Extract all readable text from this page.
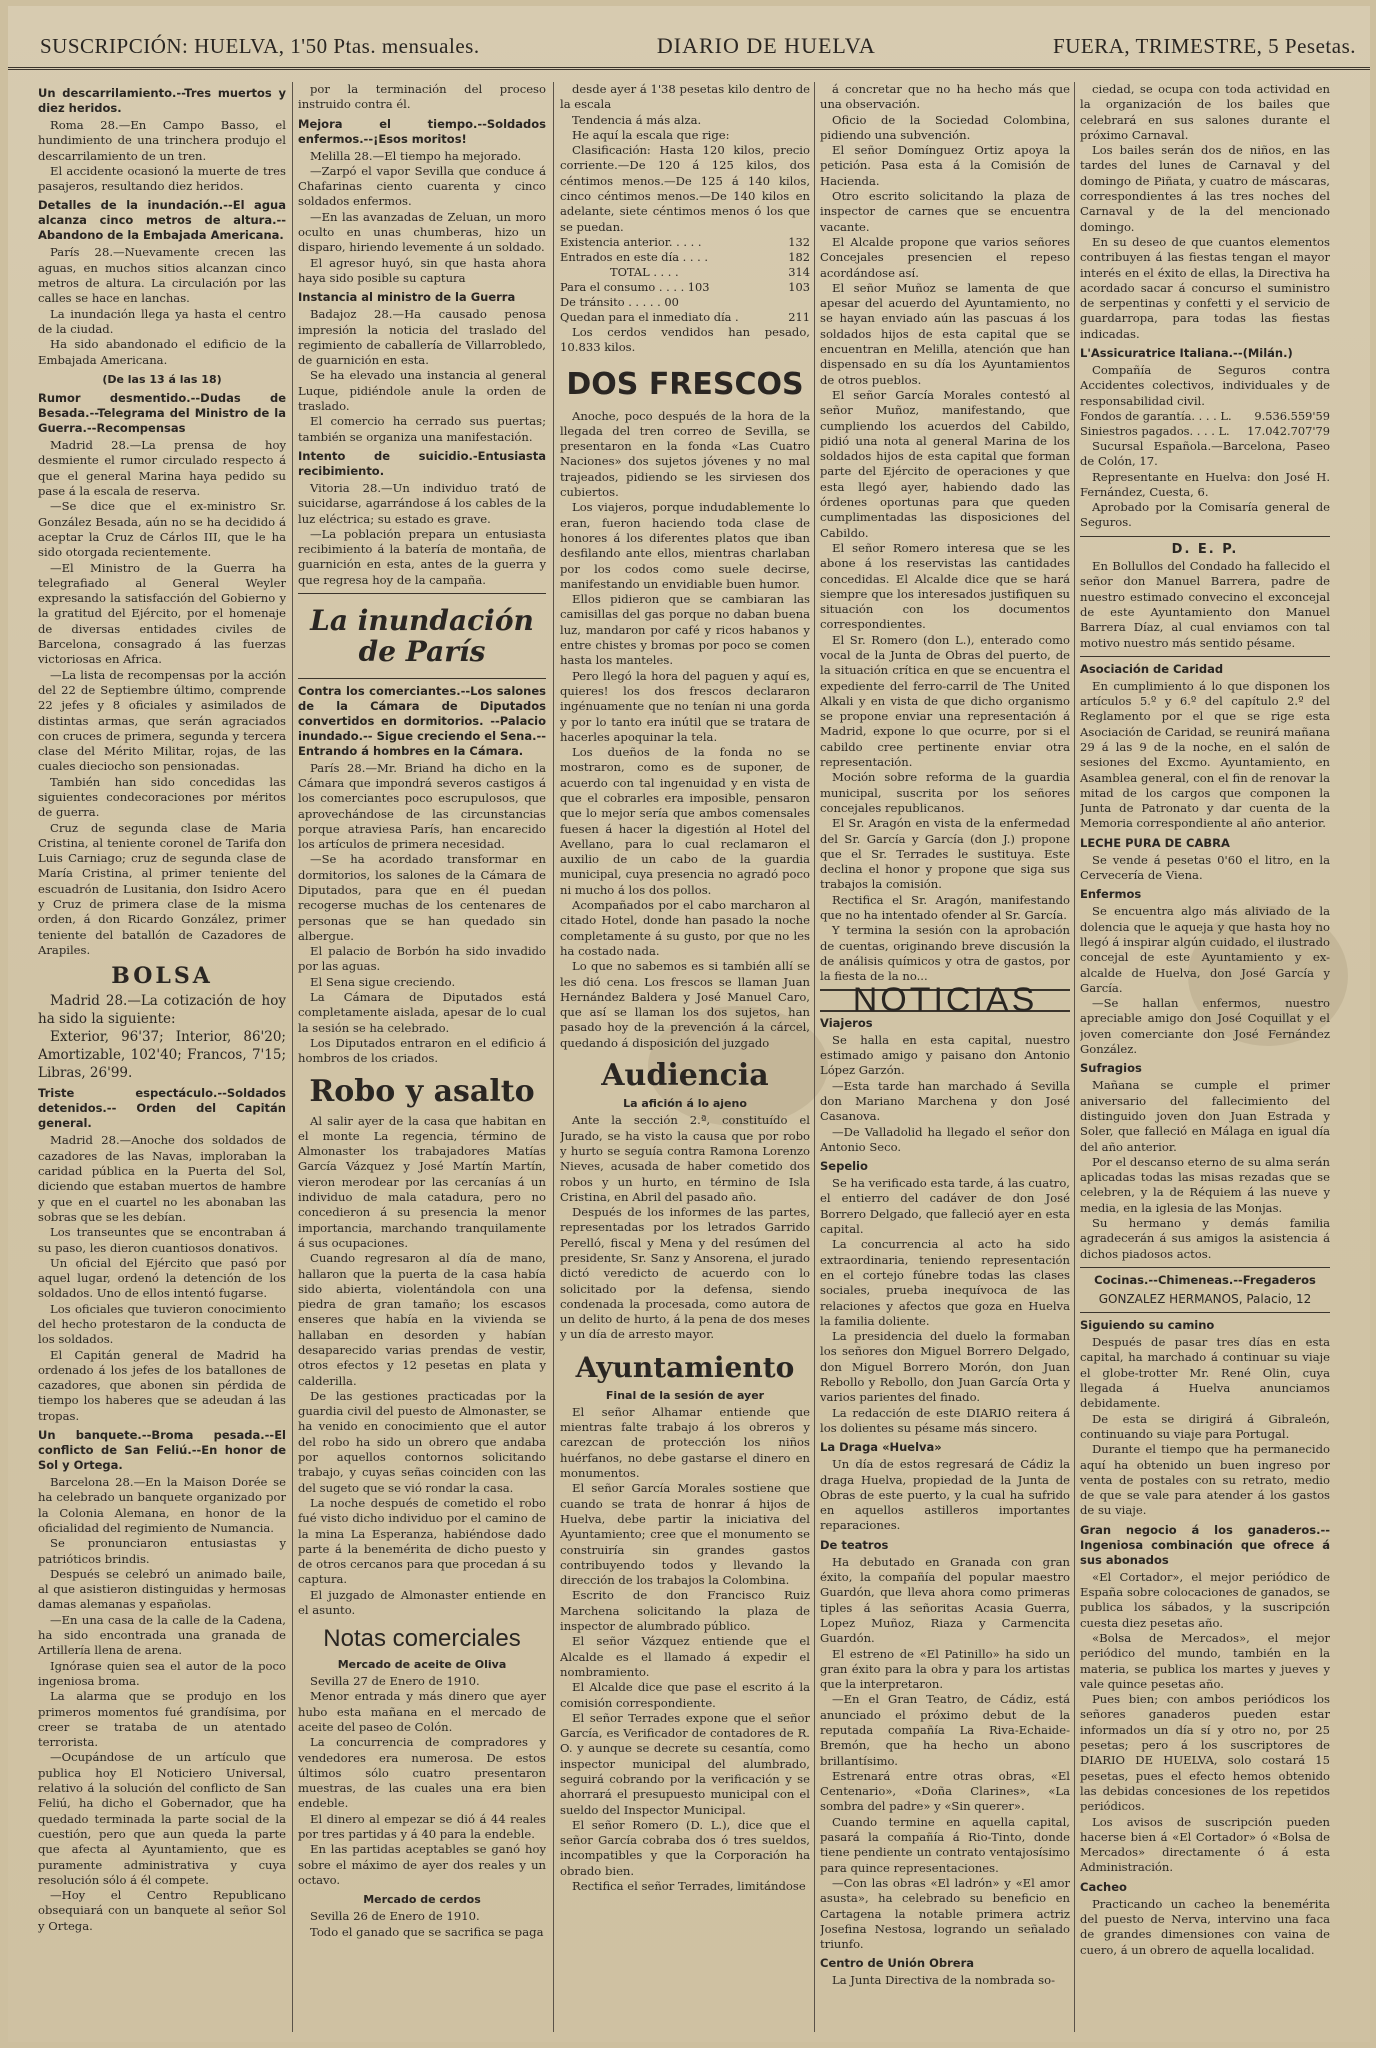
SUSCRIPCIÓN: HUELVA, 1'50 Ptas. mensuales.	DIARIO DE HUELVA	FUERA, TRIMESTRE, 5 Pesetas.
Un descarrilamiento.--Tres muertos y diez heridos.

Roma 28.—En Campo Basso, el hundimiento de una trinchera produjo el descarrilamiento de un tren.

El accidente ocasionó la muerte de tres pasajeros, resultando diez heridos.

Detalles de la inundación.--El agua alcanza cinco metros de altura.-- Abandono de la Embajada Americana.

París 28.—Nuevamente crecen las aguas, en muchos sitios alcanzan cinco metros de altura. La circulación por las calles se hace en lanchas.

La inundación llega ya hasta el centro de la ciudad.

Ha sido abandonado el edificio de la Embajada Americana.

(De las 13 á las 18)
Rumor desmentido.--Dudas de Besada.--Telegrama del Ministro de la Guerra.--Recompensas

Madrid 28.—La prensa de hoy desmiente el rumor circulado respecto á que el general Marina haya pedido su pase á la escala de reserva.

—Se dice que el ex-ministro Sr. González Besada, aún no se ha decidido á aceptar la Cruz de Cárlos III, que le ha sido otorgada recientemente.

—El Ministro de la Guerra ha telegrafiado al General Weyler expresando la satisfacción del Gobierno y la gratitud del Ejército, por el homenaje de diversas entidades civiles de Barcelona, consagrado á las fuerzas victoriosas en Africa.

—La lista de recompensas por la acción del 22 de Septiembre último, comprende 22 jefes y 8 oficiales y asimilados de distintas armas, que serán agraciados con cruces de primera, segunda y tercera clase del Mérito Militar, rojas, de las cuales dieciocho son pensionadas.

También han sido concedidas las siguientes condecoraciones por méritos de guerra.

Cruz de segunda clase de Maria Cristina, al teniente coronel de Tarifa don Luis Carniago; cruz de segunda clase de María Cristina, al primer teniente del escuadrón de Lusitania, don Isidro Acero y Cruz de primera clase de la misma orden, á don Ricardo González, primer teniente del batallón de Cazadores de Arapiles.

BOLSA

Madrid 28.—La cotización de hoy ha sido la siguiente:

Exterior, 96'37; Interior, 86'20; Amortizable, 102'40; Francos, 7'15; Libras, 26'99.

Triste espectáculo.--Soldados detenidos.-- Orden del Capitán general.

Madrid 28.—Anoche dos soldados de cazadores de las Navas, imploraban la caridad pública en la Puerta del Sol, diciendo que estaban muertos de hambre y que en el cuartel no les abonaban las sobras que se les debían.

Los transeuntes que se encontraban á su paso, les dieron cuantiosos donativos.

Un oficial del Ejército que pasó por aquel lugar, ordenó la detención de los soldados. Uno de ellos intentó fugarse.

Los oficiales que tuvieron conocimiento del hecho protestaron de la conducta de los soldados.

El Capitán general de Madrid ha ordenado á los jefes de los batallones de cazadores, que abonen sin pérdida de tiempo los haberes que se adeudan á las tropas.

Un banquete.--Broma pesada.--El conflicto de San Feliú.--En honor de Sol y Ortega.

Barcelona 28.—En la Maison Dorée se ha celebrado un banquete organizado por la Colonia Alemana, en honor de la oficialidad del regimiento de Numancia.

Se pronunciaron entusiastas y patrióticos brindis.

Después se celebró un animado baile, al que asistieron distinguidas y hermosas damas alemanas y españolas.

—En una casa de la calle de la Cadena, ha sido encontrada una granada de Artillería llena de arena.

Ignórase quien sea el autor de la poco ingeniosa broma.

La alarma que se produjo en los primeros momentos fué grandísima, por creer se trataba de un atentado terrorista.

—Ocupándose de un artículo que publica hoy El Noticiero Universal, relativo á la solución del conflicto de San Feliú, ha dicho el Gobernador, que ha quedado terminada la parte social de la cuestión, pero que aun queda la parte que afecta al Ayuntamiento, que es puramente administrativa y cuya resolución sólo á él compete.

—Hoy el Centro Republicano obsequiará con un banquete al señor Sol y Ortega.

por la terminación del proceso instruido contra él.

Mejora el tiempo.--Soldados enfermos.--¡Esos moritos!

Melilla 28.—El tiempo ha mejorado.

—Zarpó el vapor Sevilla que conduce á Chafarinas ciento cuarenta y cinco soldados enfermos.

—En las avanzadas de Zeluan, un moro oculto en unas chumberas, hizo un disparo, hiriendo levemente á un soldado.

El agresor huyó, sin que hasta ahora haya sido posible su captura

Instancia al ministro de la Guerra

Badajoz 28.—Ha causado penosa impresión la noticia del traslado del regimiento de caballería de Villarrobledo, de guarnición en esta.

Se ha elevado una instancia al general Luque, pidiéndole anule la orden de traslado.

El comercio ha cerrado sus puertas; también se organiza una manifestación.

Intento de suicidio.-Entusiasta recibimiento.

Vitoria 28.—Un individuo trató de suicidarse, agarrándose á los cables de la luz eléctrica; su estado es grave.

—La población prepara un entusiasta recibimiento á la batería de montaña, de guarnición en esta, antes de la guerra y que regresa hoy de la campaña.

La inundación de París
Contra los comerciantes.--Los salones de la Cámara de Diputados convertidos en dormitorios. --Palacio inundado.-- Sigue creciendo el Sena.--Entrando á hombres en la Cámara.

París 28.—Mr. Briand ha dicho en la Cámara que impondrá severos castigos á los comerciantes poco escrupulosos, que aprovechándose de las circunstancias porque atraviesa París, han encarecido los artículos de primera necesidad.

—Se ha acordado transformar en dormitorios, los salones de la Cámara de Diputados, para que en él puedan recogerse muchas de los centenares de personas que se han quedado sin albergue.

El palacio de Borbón ha sido invadido por las aguas.

El Sena sigue creciendo.

La Cámara de Diputados está completamente aislada, apesar de lo cual la sesión se ha celebrado.

Los Diputados entraron en el edificio á hombros de los criados.

Robo y asalto

Al salir ayer de la casa que habitan en el monte La regencia, término de Almonaster los trabajadores Matías García Vázquez y José Martín Martín, vieron merodear por las cercanías á un individuo de mala catadura, pero no concedieron á su presencia la menor importancia, marchando tranquilamente á sus ocupaciones.

Cuando regresaron al día de mano, hallaron que la puerta de la casa había sido abierta, violentándola con una piedra de gran tamaño; los escasos enseres que había en la vivienda se hallaban en desorden y habían desaparecido varias prendas de vestir, otros efectos y 12 pesetas en plata y calderilla.

De las gestiones practicadas por la guardia civil del puesto de Almonaster, se ha venido en conocimiento que el autor del robo ha sido un obrero que andaba por aquellos contornos solicitando trabajo, y cuyas señas coinciden con las del sugeto que se vió rondar la casa.

La noche después de cometido el robo fué visto dicho individuo por el camino de la mina La Esperanza, habiéndose dado parte á la benemérita de dicho puesto y de otros cercanos para que procedan á su captura.

El juzgado de Almonaster entiende en el asunto.

Notas comerciales
Mercado de aceite de Oliva

Sevilla 27 de Enero de 1910.

Menor entrada y más dinero que ayer hubo esta mañana en el mercado de aceite del paseo de Colón.

La concurrencia de compradores y vendedores era numerosa. De estos últimos sólo cuatro presentaron muestras, de las cuales una era bien endeble.

El dinero al empezar se dió á 44 reales por tres partidas y á 40 para la endeble.

En las partidas aceptables se ganó hoy sobre el máximo de ayer dos reales y un octavo.

Mercado de cerdos

Sevilla 26 de Enero de 1910.

Todo el ganado que se sacrifica se paga

desde ayer á 1'38 pesetas kilo dentro de la escala

Tendencia á más alza.

He aquí la escala que rige:

Clasificación: Hasta 120 kilos, precio corriente.—De 120 á 125 kilos, dos céntimos menos.—De 125 á 140 kilos, cinco céntimos menos.—De 140 kilos en adelante, siete céntimos menos ó los que se puedan.

Existencia anterior. . . . .	132
Entrados en este día . . . .	182
TOTAL . . . .	314
Para el consumo . . . . 103	103
De tránsito . . . . . 00
Quedan para el inmediato día .	211

Los cerdos vendidos han pesado, 10.833 kilos.

DOS FRESCOS

Anoche, poco después de la hora de la llegada del tren correo de Sevilla, se presentaron en la fonda «Las Cuatro Naciones» dos sujetos jóvenes y no mal trajeados, pidiendo se les sirviesen dos cubiertos.

Los viajeros, porque indudablemente lo eran, fueron haciendo toda clase de honores á los diferentes platos que iban desfilando ante ellos, mientras charlaban por los codos como suele decirse, manifestando un envidiable buen humor.

Ellos pidieron que se cambiaran las camisillas del gas porque no daban buena luz, mandaron por café y ricos habanos y entre chistes y bromas por poco se comen hasta los manteles.

Pero llegó la hora del paguen y aquí es, quieres! los dos frescos declararon ingénuamente que no tenían ni una gorda y por lo tanto era inútil que se tratara de hacerles apoquinar la tela.

Los dueños de la fonda no se mostraron, como es de suponer, de acuerdo con tal ingenuidad y en vista de que el cobrarles era imposible, pensaron que lo mejor sería que ambos comensales fuesen á hacer la digestión al Hotel del Avellano, para lo cual reclamaron el auxilio de un cabo de la guardia municipal, cuya presencia no agradó poco ni mucho á los dos pollos.

Acompañados por el cabo marcharon al citado Hotel, donde han pasado la noche completamente á su gusto, por que no les ha costado nada.

Lo que no sabemos es si también allí se les dió cena. Los frescos se llaman Juan Hernández Baldera y José Manuel Caro, que así se llaman los dos sujetos, han pasado hoy de la prevención á la cárcel, quedando á disposición del juzgado

Audiencia
La afición á lo ajeno

Ante la sección 2.ª, constituído el Jurado, se ha visto la causa que por robo y hurto se seguía contra Ramona Lorenzo Nieves, acusada de haber cometido dos robos y un hurto, en término de Isla Cristina, en Abril del pasado año.

Después de los informes de las partes, representadas por los letrados Garrido Perelló, fiscal y Mena y del resúmen del presidente, Sr. Sanz y Ansorena, el jurado dictó veredicto de acuerdo con lo solicitado por la defensa, siendo condenada la procesada, como autora de un delito de hurto, á la pena de dos meses y un día de arresto mayor.

Ayuntamiento
Final de la sesión de ayer

El señor Alhamar entiende que mientras falte trabajo á los obreros y carezcan de protección los niños huérfanos, no debe gastarse el dinero en monumentos.

El señor García Morales sostiene que cuando se trata de honrar á hijos de Huelva, debe partir la iniciativa del Ayuntamiento; cree que el monumento se construiría sin grandes gastos contribuyendo todos y llevando la dirección de los trabajos la Colombina.

Escrito de don Francisco Ruiz Marchena solicitando la plaza de inspector de alumbrado público.

El señor Vázquez entiende que el Alcalde es el llamado á expedir el nombramiento.

El Alcalde dice que pase el escrito á la comisión correspondiente.

El señor Terrades expone que el señor García, es Verificador de contadores de R. O. y aunque se decrete su cesantía, como inspector municipal del alumbrado, seguirá cobrando por la verificación y se ahorrará el presupuesto municipal con el sueldo del Inspector Municipal.

El señor Romero (D. L.), dice que el señor García cobraba dos ó tres sueldos, incompatibles y que la Corporación ha obrado bien.

Rectifica el señor Terrades, limitándose

á concretar que no ha hecho más que una observación.

Oficio de la Sociedad Colombina, pidiendo una subvención.

El señor Domínguez Ortiz apoya la petición. Pasa esta á la Comisión de Hacienda.

Otro escrito solicitando la plaza de inspector de carnes que se encuentra vacante.

El Alcalde propone que varios señores Concejales presencien el repeso acordándose así.

El señor Muñoz se lamenta de que apesar del acuerdo del Ayuntamiento, no se hayan enviado aún las pascuas á los soldados hijos de esta capital que se encuentran en Melilla, atención que han dispensado en su día los Ayuntamientos de otros pueblos.

El señor García Morales contestó al señor Muñoz, manifestando, que cumpliendo los acuerdos del Cabildo, pidió una nota al general Marina de los soldados hijos de esta capital que forman parte del Ejército de operaciones y que esta llegó ayer, habiendo dado las órdenes oportunas para que queden cumplimentadas las disposiciones del Cabildo.

El señor Romero interesa que se les abone á los reservistas las cantidades concedidas. El Alcalde dice que se hará siempre que los interesados justifiquen su situación con los documentos correspondientes.

El Sr. Romero (don L.), enterado como vocal de la Junta de Obras del puerto, de la situación crítica en que se encuentra el expediente del ferro-carril de The United Alkali y en vista de que dicho organismo se propone enviar una representación á Madrid, expone lo que ocurre, por si el cabildo cree pertinente enviar otra representación.

Moción sobre reforma de la guardia municipal, suscrita por los señores concejales republicanos.

El Sr. Aragón en vista de la enfermedad del Sr. García y García (don J.) propone que el Sr. Terrades le sustituya. Este declina el honor y propone que siga sus trabajos la comisión.

Rectifica el Sr. Aragón, manifestando que no ha intentado ofender al Sr. García.

Y termina la sesión con la aprobación de cuentas, originando breve discusión la de análisis químicos y otra de gastos, por la fiesta de la no...

NOTICIAS
Viajeros

Se halla en esta capital, nuestro estimado amigo y paisano don Antonio López Garzón.

—Esta tarde han marchado á Sevilla don Mariano Marchena y don José Casanova.

—De Valladolid ha llegado el señor don Antonio Seco.

Sepelio

Se ha verificado esta tarde, á las cuatro, el entierro del cadáver de don José Borrero Delgado, que falleció ayer en esta capital.

La concurrencia al acto ha sido extraordinaria, teniendo representación en el cortejo fúnebre todas las clases sociales, prueba inequívoca de las relaciones y afectos que goza en Huelva la familia doliente.

La presidencia del duelo la formaban los señores don Miguel Borrero Delgado, don Miguel Borrero Morón, don Juan Rebollo y Rebollo, don Juan García Orta y varios parientes del finado.

La redacción de este DIARIO reitera á los dolientes su pésame más sincero.

La Draga «Huelva»

Un día de estos regresará de Cádiz la draga Huelva, propiedad de la Junta de Obras de este puerto, y la cual ha sufrido en aquellos astilleros importantes reparaciones.

De teatros

Ha debutado en Granada con gran éxito, la compañía del popular maestro Guardón, que lleva ahora como primeras tiples á las señoritas Acasia Guerra, Lopez Muñoz, Riaza y Carmencita Guardón.

El estreno de «El Patinillo» ha sido un gran éxito para la obra y para los artistas que la interpretaron.

—En el Gran Teatro, de Cádiz, está anunciado el próximo debut de la reputada compañía La Riva-Echaide-Bremón, que ha hecho un abono brillantísimo.

Estrenará entre otras obras, «El Centenario», «Doña Clarines», «La sombra del padre» y «Sin querer».

Cuando termine en aquella capital, pasará la compañía á Rio-Tinto, donde tiene pendiente un contrato ventajosísimo para quince representaciones.

—Con las obras «El ladrón» y «El amor asusta», ha celebrado su beneficio en Cartagena la notable primera actriz Josefina Nestosa, logrando un señalado triunfo.

Centro de Unión Obrera

La Junta Directiva de la nombrada so-

ciedad, se ocupa con toda actividad en la organización de los bailes que celebrará en sus salones durante el próximo Carnaval.

Los bailes serán dos de niños, en las tardes del lunes de Carnaval y del domingo de Piñata, y cuatro de máscaras, correspondientes á las tres noches del Carnaval y de la del mencionado domingo.

En su deseo de que cuantos elementos contribuyen á las fiestas tengan el mayor interés en el éxito de ellas, la Directiva ha acordado sacar á concurso el suministro de serpentinas y confetti y el servicio de guardarropa, para todas las fiestas indicadas.

L'Assicuratrice Italiana.--(Milán.)

Compañía de Seguros contra Accidentes colectivos, individuales y de responsabilidad civil.

Fondos de garantía. . . . L. 9.536.559'59
Siniestros pagados. . . . L. 17.042.707'79

Sucursal Española.—Barcelona, Paseo de Colón, 17.

Representante en Huelva: don José H. Fernández, Cuesta, 6.

Aprobado por la Comisaría general de Seguros.

D. E. P.

En Bollullos del Condado ha fallecido el señor don Manuel Barrera, padre de nuestro estimado convecino el exconcejal de este Ayuntamiento don Manuel Barrera Díaz, al cual enviamos con tal motivo nuestro más sentido pésame.

Asociación de Caridad

En cumplimiento á lo que disponen los artículos 5.º y 6.º del capítulo 2.º del Reglamento por el que se rige esta Asociación de Caridad, se reunirá mañana 29 á las 9 de la noche, en el salón de sesiones del Excmo. Ayuntamiento, en Asamblea general, con el fin de renovar la mitad de los cargos que componen la Junta de Patronato y dar cuenta de la Memoria correspondiente al año anterior.

LECHE PURA DE CABRA

Se vende á pesetas 0'60 el litro, en la Cervecería de Viena.

Enfermos

Se encuentra algo más aliviado de la dolencia que le aqueja y que hasta hoy no llegó á inspirar algún cuidado, el ilustrado concejal de este Ayuntamiento y ex-alcalde de Huelva, don José García y García.

—Se hallan enfermos, nuestro apreciable amigo don José Coquillat y el joven comerciante don José Fernández González.

Sufragios

Mañana se cumple el primer aniversario del fallecimiento del distinguido joven don Juan Estrada y Soler, que falleció en Málaga en igual día del año anterior.

Por el descanso eterno de su alma serán aplicadas todas las misas rezadas que se celebren, y la de Réquiem á las nueve y media, en la iglesia de las Monjas.

Su hermano y demás familia agradecerán á sus amigos la asistencia á dichos piadosos actos.

Cocinas.--Chimeneas.--Fregaderos
GONZALEZ HERMANOS, Palacio, 12
Siguiendo su camino

Después de pasar tres días en esta capital, ha marchado á continuar su viaje el globe-trotter Mr. René Olin, cuya llegada á Huelva anunciamos debidamente.

De esta se dirigirá á Gibraleón, continuando su viaje para Portugal.

Durante el tiempo que ha permanecido aquí ha obtenido un buen ingreso por venta de postales con su retrato, medio de que se vale para atender á los gastos de su viaje.

Gran negocio á los ganaderos.--Ingeniosa combinación que ofrece á sus abonados

«El Cortador», el mejor periódico de España sobre colocaciones de ganados, se publica los sábados, y la suscripción cuesta diez pesetas año.

«Bolsa de Mercados», el mejor periódico del mundo, también en la materia, se publica los martes y jueves y vale quince pesetas año.

Pues bien; con ambos periódicos los señores ganaderos pueden estar informados un día sí y otro no, por 25 pesetas; pero á los suscriptores de DIARIO DE HUELVA, solo costará 15 pesetas, pues el efecto hemos obtenido las debidas concesiones de los repetidos periódicos.

Los avisos de suscripción pueden hacerse bien á «El Cortador» ó «Bolsa de Mercados» directamente ó á esta Administración.

Cacheo

Practicando un cacheo la benemérita del puesto de Nerva, intervino una faca de grandes dimensiones con vaina de cuero, á un obrero de aquella localidad.
